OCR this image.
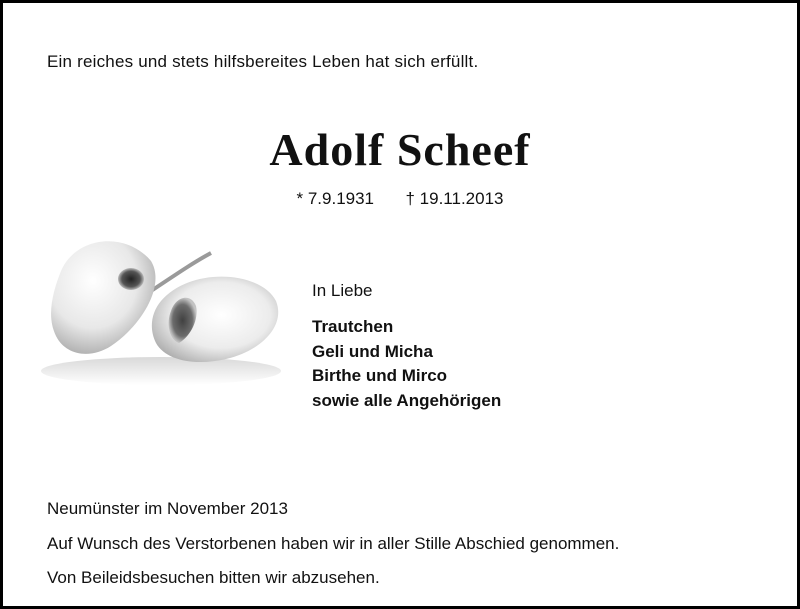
Ein reiches und stets hilfsbereites Leben hat sich erfüllt.
Adolf Scheef
* 7.9.1931 † 19.11.2013
In Liebe
Trautchen
Geli und Micha
Birthe und Mirco
sowie alle Angehörigen
Neumünster im November 2013
Auf Wunsch des Verstorbenen haben wir in aller Stille Abschied genommen.
Von Beileidsbesuchen bitten wir abzusehen.
